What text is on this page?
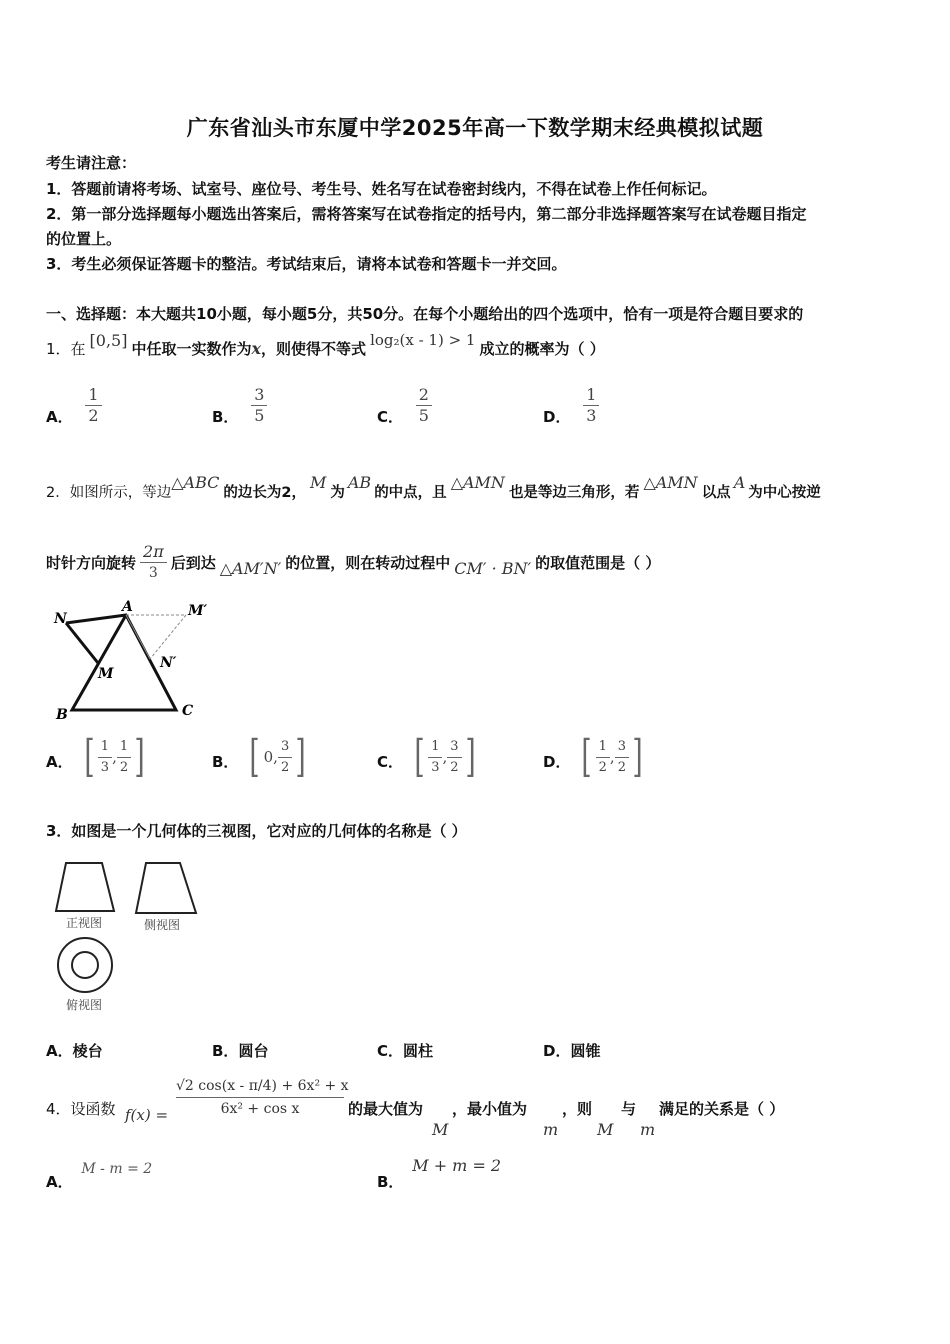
广东省汕头市东厦中学2025年高一下数学期末经典模拟试题
考生请注意：
1．答题前请将考场、试室号、座位号、考生号、姓名写在试卷密封线内，不得在试卷上作任何标记。
2．第一部分选择题每小题选出答案后，需将答案写在试卷指定的括号内，第二部分非选择题答案写在试卷题目指定
的位置上。
3．考生必须保证答题卡的整洁。考试结束后，请将本试卷和答题卡一并交回。
一、选择题：本大题共10小题，每小题5分，共50分。在每个小题给出的四个选项中，恰有一项是符合题目要求的
1．在 [0,5] 中任取一实数作为 x ，则使得不等式 log₂(x - 1) > 1 成立的概率为（ ）
A． $\frac{1}{2}$	B． $\frac{3}{5}$	C． $\frac{2}{5}$	D． $\frac{1}{3}$
2．如图所示，等边
△ABC
的边长为2，
M
为
AB
的中点，且
△AMN
也是等边三角形，若
△AMN
以点
A
为中心按逆
时针方向旋转 $\frac{2\pi}{3}$ 后到达 △AM′N′ 的位置，则在转动过程中 CM′ · BN′ 的取值范围是（ ）
N
A	M′
M
N′
B	C
A． [ $\frac{1}{3}$ , $\frac{1}{2}$ ]	B． [ 0 , $\frac{3}{2}$ ]	C． [ $\frac{1}{3}$ , $\frac{3}{2}$ ]	D． [ $\frac{1}{2}$ , $\frac{3}{2}$ ]
3．如图是一个几何体的三视图，它对应的几何体的名称是（ ）
正视图	侧视图
俯视图
A．棱台	B．圆台	C．圆柱	D．圆锥
4．设函数 $f(x) = \frac{\text{√2 cos(x - π/4) + 6x² + x}}{\text{6x² + cos x}}$ 的最大值为 ，最小值为 ，则 与 满足的关系是（ ）
M	m M m
A． M - m = 2
B． M + m = 2
